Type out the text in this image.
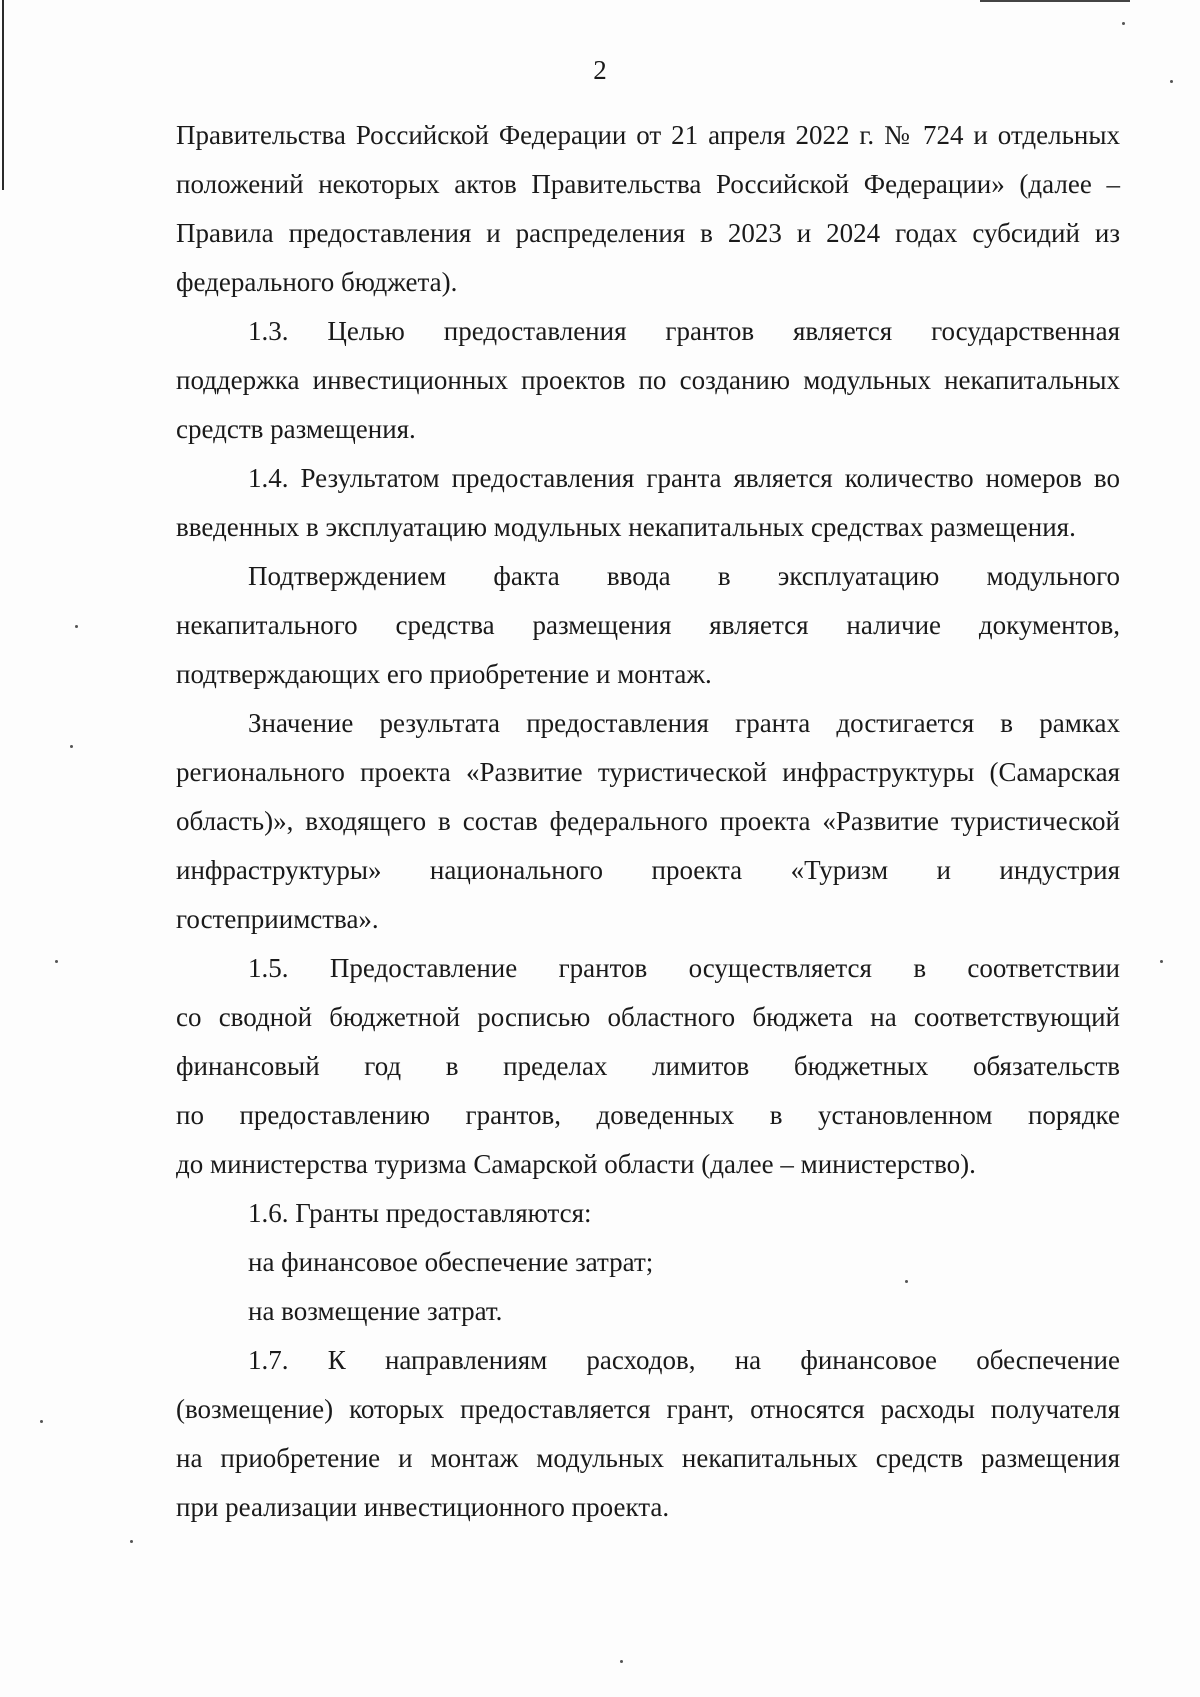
2

Правительства Российской Федерации от 21 апреля 2022 г. № 724 и отдельных
положений некоторых актов Правительства Российской Федерации» (далее –
Правила предоставления и распределения в 2023 и 2024 годах субсидий из
федерального бюджета).

1.3. Целью предоставления грантов является государственная
поддержка инвестиционных проектов по созданию модульных некапитальных
средств размещения.

1.4. Результатом предоставления гранта является количество номеров во
введенных в эксплуатацию модульных некапитальных средствах размещения.

Подтверждением факта ввода в эксплуатацию модульного
некапитального средства размещения является наличие документов,
подтверждающих его приобретение и монтаж.

Значение результата предоставления гранта достигается в рамках
регионального проекта «Развитие туристической инфраструктуры (Самарская
область)», входящего в состав федерального проекта «Развитие туристической
инфраструктуры» национального проекта «Туризм и индустрия
гостеприимства».

1.5. Предоставление грантов осуществляется в соответствии
со сводной бюджетной росписью областного бюджета на соответствующий
финансовый год в пределах лимитов бюджетных обязательств
по предоставлению грантов, доведенных в установленном порядке
до министерства туризма Самарской области (далее – министерство).

1.6. Гранты предоставляются:

на финансовое обеспечение затрат;

на возмещение затрат.

1.7. К направлениям расходов, на финансовое обеспечение
(возмещение) которых предоставляется грант, относятся расходы получателя
на приобретение и монтаж модульных некапитальных средств размещения
при реализации инвестиционного проекта.
